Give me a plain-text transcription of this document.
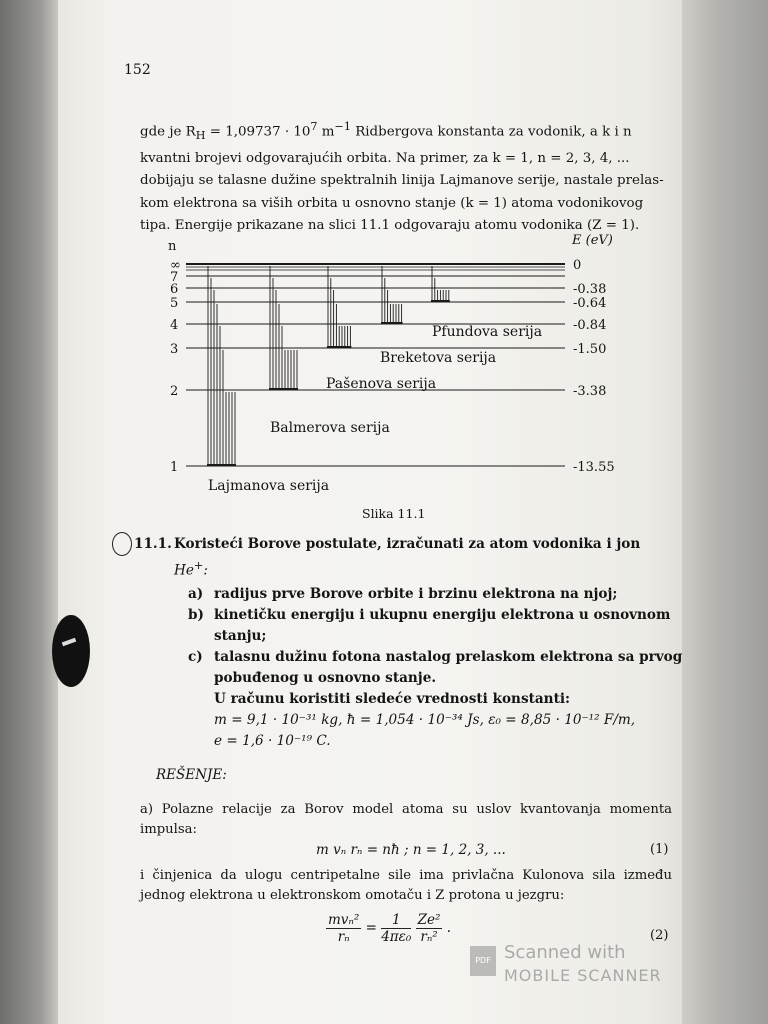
152

gde je $R_H = 1,09737 \cdot 10^7$ $m^{-1}$ Ridbergova konstanta za vodonik, a k i n

kvantni brojevi odgovarajućih orbita. Na primer, za k = 1, n = 2, 3, 4, ...

dobijaju se talasne dužine spektralnih linija Lajmanove serije, nastale prelas-

kom elektrona sa viših orbita u osnovno stanje (k = 1) atoma vodonikovog

tipa. Energije prikazane na slici 11.1 odgovaraju atomu vodonika (Z = 1).

n	E (eV)
∞	0
7
6	-0.38
5	-0.64
4	-0.84
3	-1.50
2	-3.38
1	-13.55
Pfundova serija
Breketova serija
Pašenova serija
Balmerova serija
Lajmanova serija
Slika 11.1
11.1. Koristeći Borove postulate, izračunati za atom vodonika i jon
He+:
a) radijus prve Borove orbite i brzinu elektrona na njoj;
b) kinetičku energiju i ukupnu energiju elektrona u osnovnom stanju;
c) talasnu dužinu fotona nastalog prelaskom elektrona sa prvog pobuđenog u osnovno stanje.
U računu koristiti sledeće vrednosti konstanti:
m = 9,1 · 10⁻³¹ kg, ħ = 1,054 · 10⁻³⁴ Js, ε₀ = 8,85 · 10⁻¹² F/m,
e = 1,6 · 10⁻¹⁹ C.
REŠENJE:
a) Polazne relacije za Borov model atoma su uslov kvantovanja momenta impulsa:
m vₙ rₙ = nħ ; n = 1, 2, 3, ...	(1)
i činjenica da ulogu centripetalne sile ima privlačna Kulonova sila između jednog elektrona u elektronskom omotaču i Z protona u jezgru:
$\frac{\text{mvₙ²}}{\text{rₙ}} = \frac{1}{\text{4πε₀}}$
$\frac{\text{Ze²}}{\text{rₙ²}}$ .	(2)
PDF Scanned with
MOBILE SCANNER
